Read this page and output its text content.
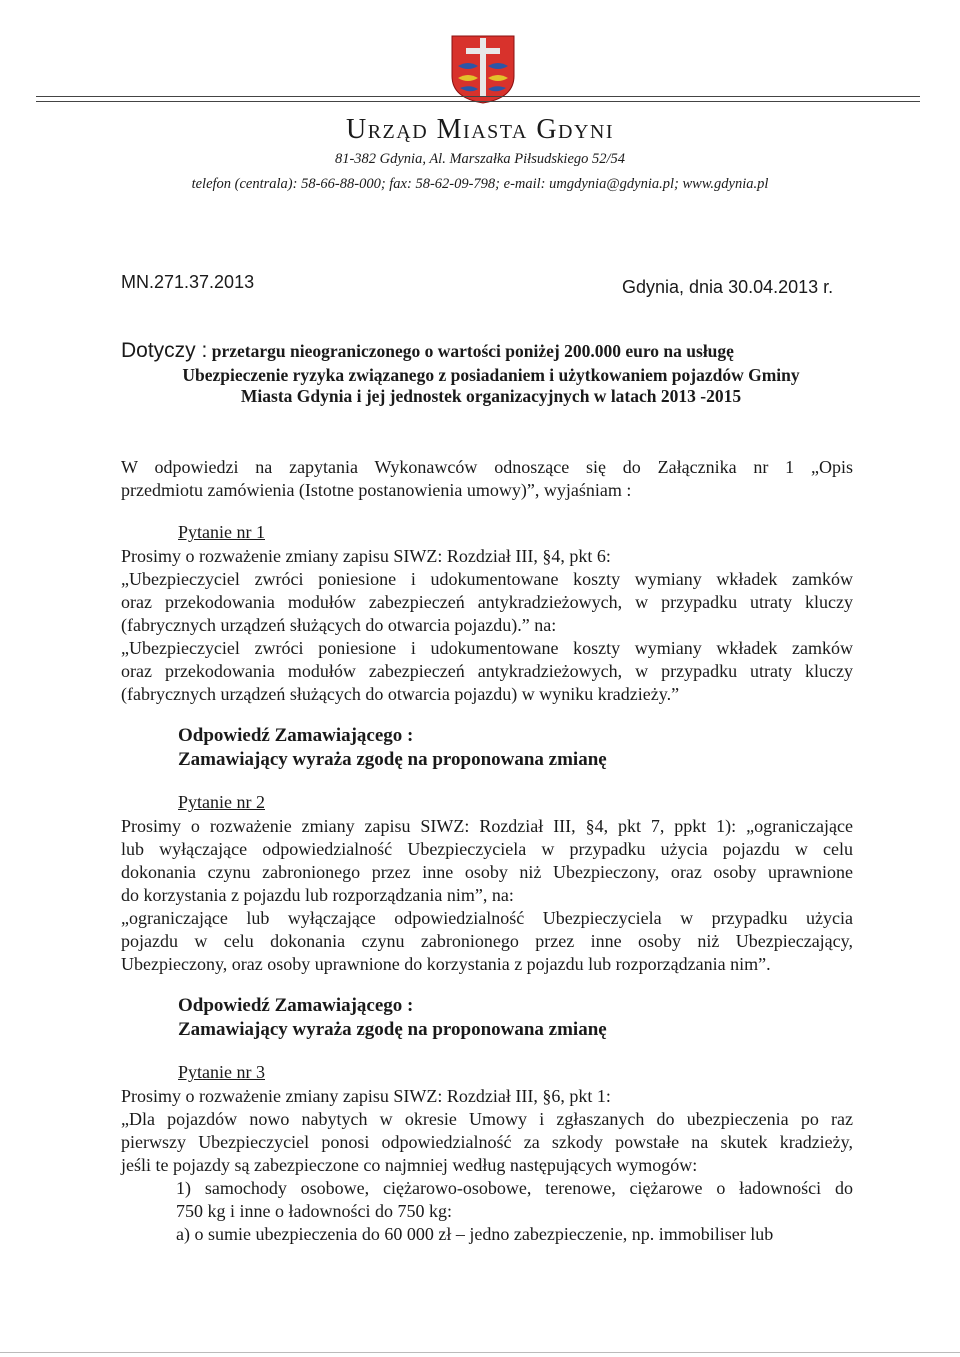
Urząd Miasta Gdyni
81-382 Gdynia, Al. Marszałka Piłsudskiego 52/54
telefon (centrala): 58-66-88-000; fax: 58-62-09-798; e-mail: umgdynia@gdynia.pl; www.gdynia.pl
MN.271.37.2013	Gdynia, dnia 30.04.2013 r.
Dotyczy : przetargu nieograniczonego o wartości poniżej 200.000 euro na usługę
Ubezpieczenie ryzyka związanego z posiadaniem i użytkowaniem pojazdów Gminy
Miasta Gdynia i jej jednostek organizacyjnych w latach 2013 -2015
W odpowiedzi na zapytania Wykonawców odnoszące się do Załącznika nr 1 „Opis
przedmiotu zamówienia (Istotne postanowienia umowy)”, wyjaśniam :
Pytanie nr 1
Prosimy o rozważenie zmiany zapisu SIWZ: Rozdział III, §4, pkt 6:
„Ubezpieczyciel zwróci poniesione i udokumentowane koszty wymiany wkładek zamków
oraz przekodowania modułów zabezpieczeń antykradzieżowych, w przypadku utraty kluczy
(fabrycznych urządzeń służących do otwarcia pojazdu).” na:
„Ubezpieczyciel zwróci poniesione i udokumentowane koszty wymiany wkładek zamków
oraz przekodowania modułów zabezpieczeń antykradzieżowych, w przypadku utraty kluczy
(fabrycznych urządzeń służących do otwarcia pojazdu) w wyniku kradzieży.”
Odpowiedź Zamawiającego :
Zamawiający wyraża zgodę na proponowana zmianę
Pytanie nr 2
Prosimy o rozważenie zmiany zapisu SIWZ: Rozdział III, §4, pkt 7, ppkt 1): „ograniczające
lub wyłączające odpowiedzialność Ubezpieczyciela w przypadku użycia pojazdu w celu
dokonania czynu zabronionego przez inne osoby niż Ubezpieczony, oraz osoby uprawnione
do korzystania z pojazdu lub rozporządzania nim”, na:
„ograniczające lub wyłączające odpowiedzialność Ubezpieczyciela w przypadku użycia
pojazdu w celu dokonania czynu zabronionego przez inne osoby niż Ubezpieczający,
Ubezpieczony, oraz osoby uprawnione do korzystania z pojazdu lub rozporządzania nim”.
Odpowiedź Zamawiającego :
Zamawiający wyraża zgodę na proponowana zmianę
Pytanie nr 3
Prosimy o rozważenie zmiany zapisu SIWZ: Rozdział III, §6, pkt 1:
„Dla pojazdów nowo nabytych w okresie Umowy i zgłaszanych do ubezpieczenia po raz
pierwszy Ubezpieczyciel ponosi odpowiedzialność za szkody powstałe na skutek kradzieży,
jeśli te pojazdy są zabezpieczone co najmniej według następujących wymogów:
1) samochody osobowe, ciężarowo-osobowe, terenowe, ciężarowe o ładowności do
750 kg i inne o ładowności do 750 kg:
a) o sumie ubezpieczenia do 60 000 zł – jedno zabezpieczenie, np. immobiliser lub
